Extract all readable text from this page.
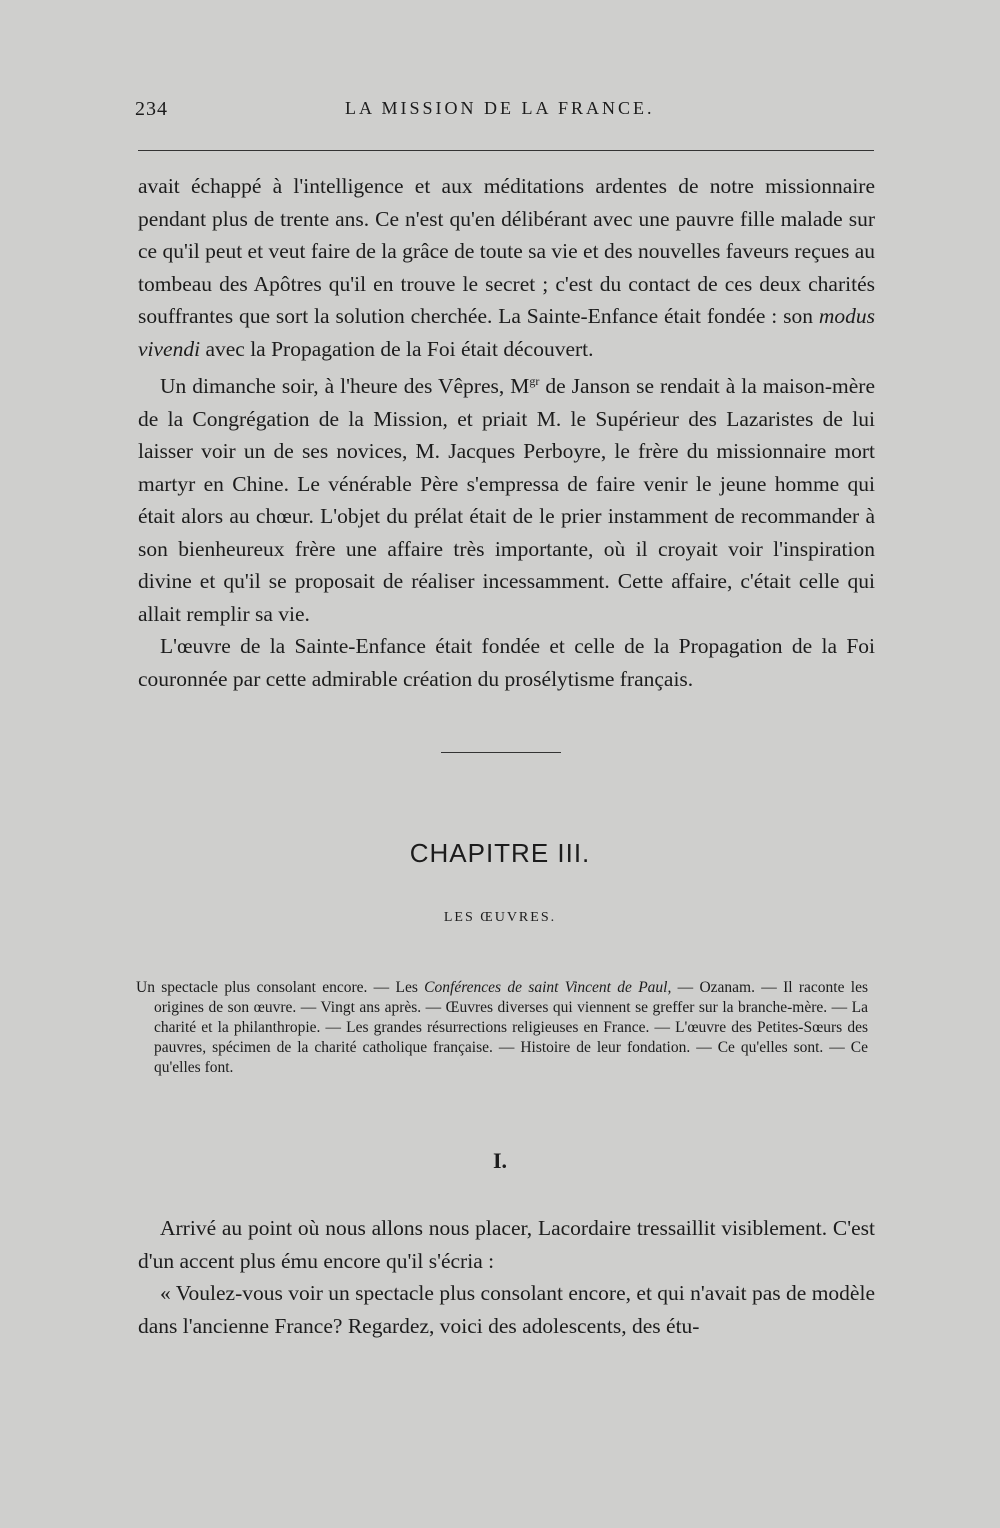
234	LA MISSION DE LA FRANCE.

avait échappé à l'intelligence et aux méditations ardentes de notre missionnaire pendant plus de trente ans. Ce n'est qu'en délibérant avec une pauvre fille malade sur ce qu'il peut et veut faire de la grâce de toute sa vie et des nouvelles faveurs reçues au tombeau des Apôtres qu'il en trouve le secret ; c'est du contact de ces deux charités souffrantes que sort la solution cherchée. La Sainte-Enfance était fondée : son modus vivendi avec la Propagation de la Foi était découvert.

Un dimanche soir, à l'heure des Vêpres, $M^{gr}$ de Janson se rendait à la maison-mère de la Congrégation de la Mission, et priait M. le Supérieur des Lazaristes de lui laisser voir un de ses novices, M. Jacques Perboyre, le frère du missionnaire mort martyr en Chine. Le vénérable Père s'empressa de faire venir le jeune homme qui était alors au chœur. L'objet du prélat était de le prier instamment de recommander à son bienheureux frère une affaire très importante, où il croyait voir l'inspiration divine et qu'il se proposait de réaliser incessamment. Cette affaire, c'était celle qui allait remplir sa vie.

L'œuvre de la Sainte-Enfance était fondée et celle de la Propagation de la Foi couronnée par cette admirable création du prosélytisme français.

CHAPITRE III.
LES ŒUVRES.

Un spectacle plus consolant encore. — Les Conférences de saint Vincent de Paul, — Ozanam. — Il raconte les origines de son œuvre. — Vingt ans après. — Œuvres diverses qui viennent se greffer sur la branche-mère. — La charité et la philanthropie. — Les grandes résurrections religieuses en France. — L'œuvre des Petites-Sœurs des pauvres, spécimen de la charité catholique française. — Histoire de leur fondation. — Ce qu'elles sont. — Ce qu'elles font.

I.

Arrivé au point où nous allons nous placer, Lacordaire tressaillit visiblement. C'est d'un accent plus ému encore qu'il s'écria :

« Voulez-vous voir un spectacle plus consolant encore, et qui n'avait pas de modèle dans l'ancienne France? Regardez, voici des adolescents, des étu-
